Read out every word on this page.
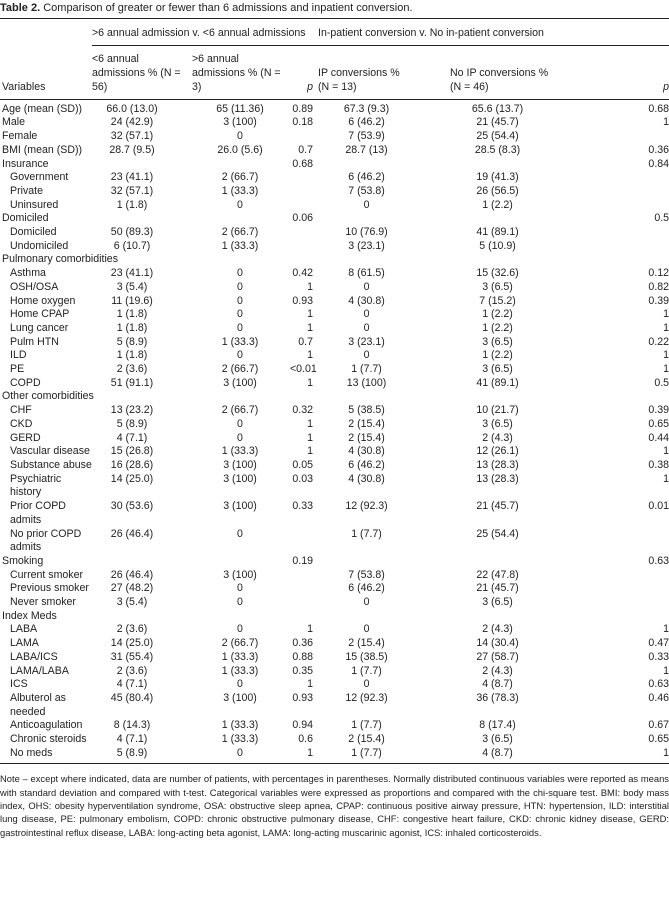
Table 2. Comparison of greater or fewer than 6 admissions and inpatient conversion.
	>6 annual admission v. <6 annual admissions			In-patient conversion v. No in-patient conversion		
Variables	<6 annual admissions % (N = 56)	>6 annual admissions % (N = 3)	p	IP conversions % (N = 13)	No IP conversions % (N = 46)	p
Age (mean (SD))	66.0 (13.0)	65 (11.36)	0.89	67.3 (9.3)	65.6 (13.7)	0.68
Male	24 (42.9)	3 (100)	0.18	6 (46.2)	21 (45.7)	1
Female	32 (57.1)	0		7 (53.9)	25 (54.4)	
BMI (mean (SD))	28.7 (9.5)	26.0 (5.6)	0.7	28.7 (13)	28.5 (8.3)	0.36
Insurance			0.68			0.84
Government	23 (41.1)	2 (66.7)		6 (46.2)	19 (41.3)	
Private	32 (57.1)	1 (33.3)		7 (53.8)	26 (56.5)	
Uninsured	1 (1.8)	0		0	1 (2.2)	
Domiciled			0.06			0.5
Domiciled	50 (89.3)	2 (66.7)		10 (76.9)	41 (89.1)	
Undomiciled	6 (10.7)	1 (33.3)		3 (23.1)	5 (10.9)	
Pulmonary comorbidities						
Asthma	23 (41.1)	0	0.42	8 (61.5)	15 (32.6)	0.12
OSH/OSA	3 (5.4)	0	1	0	3 (6.5)	0.82
Home oxygen	11 (19.6)	0	0.93	4 (30.8)	7 (15.2)	0.39
Home CPAP	1 (1.8)	0	1	0	1 (2.2)	1
Lung cancer	1 (1.8)	0	1	0	1 (2.2)	1
Pulm HTN	5 (8.9)	1 (33.3)	0.7	3 (23.1)	3 (6.5)	0.22
ILD	1 (1.8)	0	1	0	1 (2.2)	1
PE	2 (3.6)	2 (66.7)	<0.01	1 (7.7)	3 (6.5)	1
COPD	51 (91.1)	3 (100)	1	13 (100)	41 (89.1)	0.5
Other comorbidities						
CHF	13 (23.2)	2 (66.7)	0.32	5 (38.5)	10 (21.7)	0.39
CKD	5 (8.9)	0	1	2 (15.4)	3 (6.5)	0.65
GERD	4 (7.1)	0	1	2 (15.4)	2 (4.3)	0.44
Vascular disease	15 (26.8)	1 (33.3)	1	4 (30.8)	12 (26.1)	1
Substance abuse	16 (28.6)	3 (100)	0.05	6 (46.2)	13 (28.3)	0.38
Psychiatric history	14 (25.0)	3 (100)	0.03	4 (30.8)	13 (28.3)	1
Prior COPD admits	30 (53.6)	3 (100)	0.33	12 (92.3)	21 (45.7)	0.01
No prior COPD admits	26 (46.4)	0		1 (7.7)	25 (54.4)	
Smoking			0.19			0.63
Current smoker	26 (46.4)	3 (100)		7 (53.8)	22 (47.8)	
Previous smoker	27 (48.2)	0		6 (46.2)	21 (45.7)	
Never smoker	3 (5.4)	0		0	3 (6.5)	
Index Meds						
LABA	2 (3.6)	0	1	0	2 (4.3)	1
LAMA	14 (25.0)	2 (66.7)	0.36	2 (15.4)	14 (30.4)	0.47
LABA/ICS	31 (55.4)	1 (33.3)	0.88	15 (38.5)	27 (58.7)	0.33
LAMA/LABA	2 (3.6)	1 (33.3)	0.35	1 (7.7)	2 (4.3)	1
ICS	4 (7.1)	0	1	0	4 (8.7)	0.63
Albuterol as needed	45 (80.4)	3 (100)	0.93	12 (92.3)	36 (78.3)	0.46
Anticoagulation	8 (14.3)	1 (33.3)	0.94	1 (7.7)	8 (17.4)	0.67
Chronic steroids	4 (7.1)	1 (33.3)	0.6	2 (15.4)	3 (6.5)	0.65
No meds	5 (8.9)	0	1	1 (7.7)	4 (8.7)	1
Note – except where indicated, data are number of patients, with percentages in parentheses. Normally distributed continuous variables were reported as means with standard deviation and compared with t-test. Categorical variables were expressed as proportions and compared with the chi-square test. BMI: body mass index, OHS: obesity hyperventilation syndrome, OSA: obstructive sleep apnea, CPAP: continuous positive airway pressure, HTN: hypertension, ILD: interstitial lung disease, PE: pulmonary embolism, COPD: chronic obstructive pulmonary disease, CHF: congestive heart failure, CKD: chronic kidney disease, GERD: gastrointestinal reflux disease, LABA: long-acting beta agonist, LAMA: long-acting muscarinic agonist, ICS: inhaled corticosteroids.
